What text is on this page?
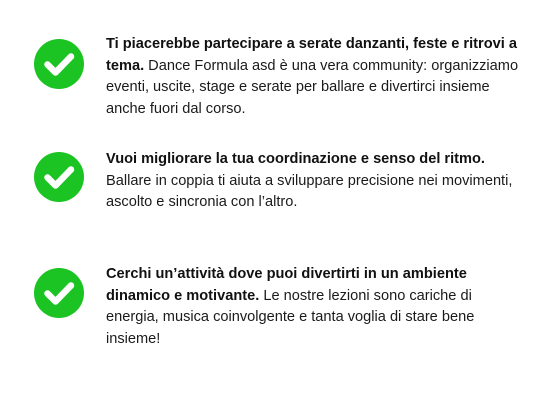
Ti piacerebbe partecipare a serate danzanti, feste e ritrovi a tema. Dance Formula asd è una vera community: organizziamo eventi, uscite, stage e serate per ballare e divertirci insieme anche fuori dal corso.

Vuoi migliorare la tua coordinazione e senso del ritmo. Ballare in coppia ti aiuta a sviluppare precisione nei movimenti, ascolto e sincronia con l’altro.

Cerchi un’attività dove puoi divertirti in un ambiente dinamico e motivante. Le nostre lezioni sono cariche di energia, musica coinvolgente e tanta voglia di stare bene insieme!
